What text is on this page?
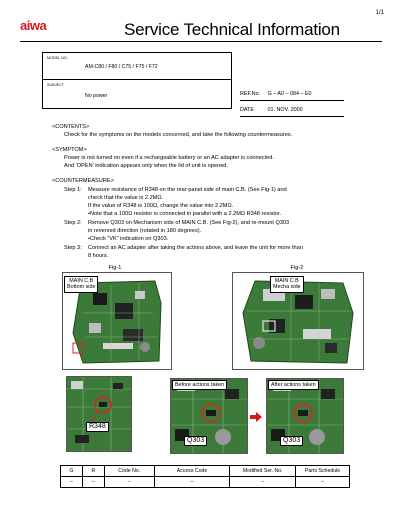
1/1
aiwa	Service Technical Information
MODEL NO.
AM-C80 / F80 / C75 / F75 / F72
SUBJECT
No power	REF.No. G – A0 – 084 – E0
DATE	01. NOV. 2000
<CONTENTS>
Check for the symptoms on the models concerned, and take the following countermeasures.
<SYMPTOM>
Power is not turned on even if a rechargeable battery or an AC adapter is connected.
And ‘OPEN’ indication appears only when the lid of unit is opened.
<COUNTERMEASURE>
Step 1: Measure resistance of R348 on the rear-panel side of main C.B. (See Fig-1) and
check that the value is 2.2MΩ.
If the value of R348 is 100Ω, change the value into 2.2MΩ.
•Note that a 100Ω resistor is connected in parallel with a 2.2MΩ R348 resistor.
Step 2: Remove Q303 on Mechanism side of MAIN C.B. (See Fig-2), and re-mount Q303
in reversed direction (rotated in 180 degrees).
•Check “VK” indication on Q303.
Step 3: Connect an AC adapter after taking the actions above, and leave the unit for more than
8 hours.
Fig-1	Fig-2
MAIN C.B
Bottom side
R348
MAIN C.B
Mecha side
Before actions taken
Q303
After actions taken
Q303
G	R	Code No.	Access Code	Modified Ser. No.	Parts Schedule
–	–	–	–	–	–
